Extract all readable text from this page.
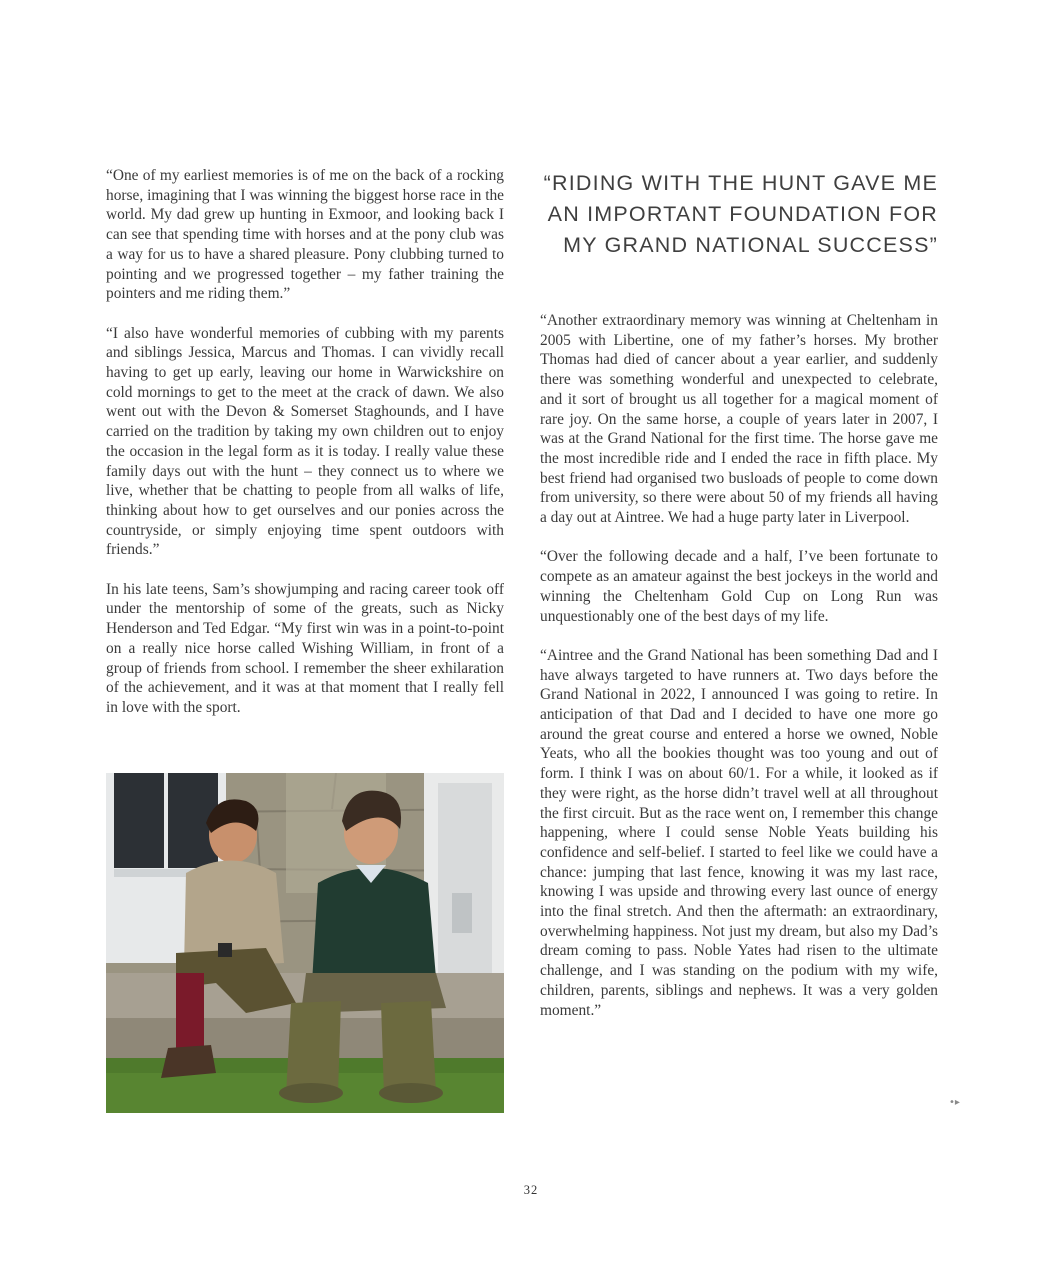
“One of my earliest memories is of me on the back of a rocking horse, imagining that I was winning the biggest horse race in the world. My dad grew up hunting in Exmoor, and looking back I can see that spending time with horses and at the pony club was a way for us to have a shared pleasure. Pony clubbing turned to pointing and we progressed together – my father training the pointers and me riding them.”

“I also have wonderful memories of cubbing with my parents and siblings Jessica, Marcus and Thomas. I can vividly recall having to get up early, leaving our home in Warwickshire on cold mornings to get to the meet at the crack of dawn. We also went out with the Devon & Somerset Staghounds, and I have carried on the tradition by taking my own children out to enjoy the occasion in the legal form as it is today. I really value these family days out with the hunt – they connect us to where we live, whether that be chatting to people from all walks of life, thinking about how to get ourselves and our ponies across the countryside, or simply enjoying time spent outdoors with friends.”

In his late teens, Sam’s showjumping and racing career took off under the mentorship of some of the greats, such as Nicky Henderson and Ted Edgar. “My first win was in a point-to-point on a really nice horse called Wishing William, in front of a group of friends from school. I remember the sheer exhilaration of the achievement, and it was at that moment that I really fell in love with the sport.

“RIDING WITH THE HUNT GAVE ME AN IMPORTANT FOUNDATION FOR MY GRAND NATIONAL SUCCESS”

“Another extraordinary memory was winning at Cheltenham in 2005 with Libertine, one of my father’s horses. My brother Thomas had died of cancer about a year earlier, and suddenly there was something wonderful and unexpected to celebrate, and it sort of brought us all together for a magical moment of rare joy. On the same horse, a couple of years later in 2007, I was at the Grand National for the first time. The horse gave me the most incredible ride and I ended the race in fifth place. My best friend had organised two busloads of people to come down from university, so there were about 50 of my friends all having a day out at Aintree. We had a huge party later in Liverpool.

“Over the following decade and a half, I’ve been fortunate to compete as an amateur against the best jockeys in the world and winning the Cheltenham Gold Cup on Long Run was unquestionably one of the best days of my life.

“Aintree and the Grand National has been something Dad and I have always targeted to have runners at. Two days before the Grand National in 2022, I announced I was going to retire. In anticipation of that Dad and I decided to have one more go around the great course and entered a horse we owned, Noble Yeats, who all the bookies thought was too young and out of form. I think I was on about 60/1. For a while, it looked as if they were right, as the horse didn’t travel well at all throughout the first circuit. But as the race went on, I remember this change happening, where I could sense Noble Yeats building his confidence and self-belief. I started to feel like we could have a chance: jumping that last fence, knowing it was my last race, knowing I was upside and throwing every last ounce of energy into the final stretch. And then the aftermath: an extraordinary, overwhelming happiness. Not just my dream, but also my Dad’s dream coming to pass. Noble Yates had risen to the ultimate challenge, and I was standing on the podium with my wife, children, parents, siblings and nephews. It was a very golden moment.”

•▸
32
